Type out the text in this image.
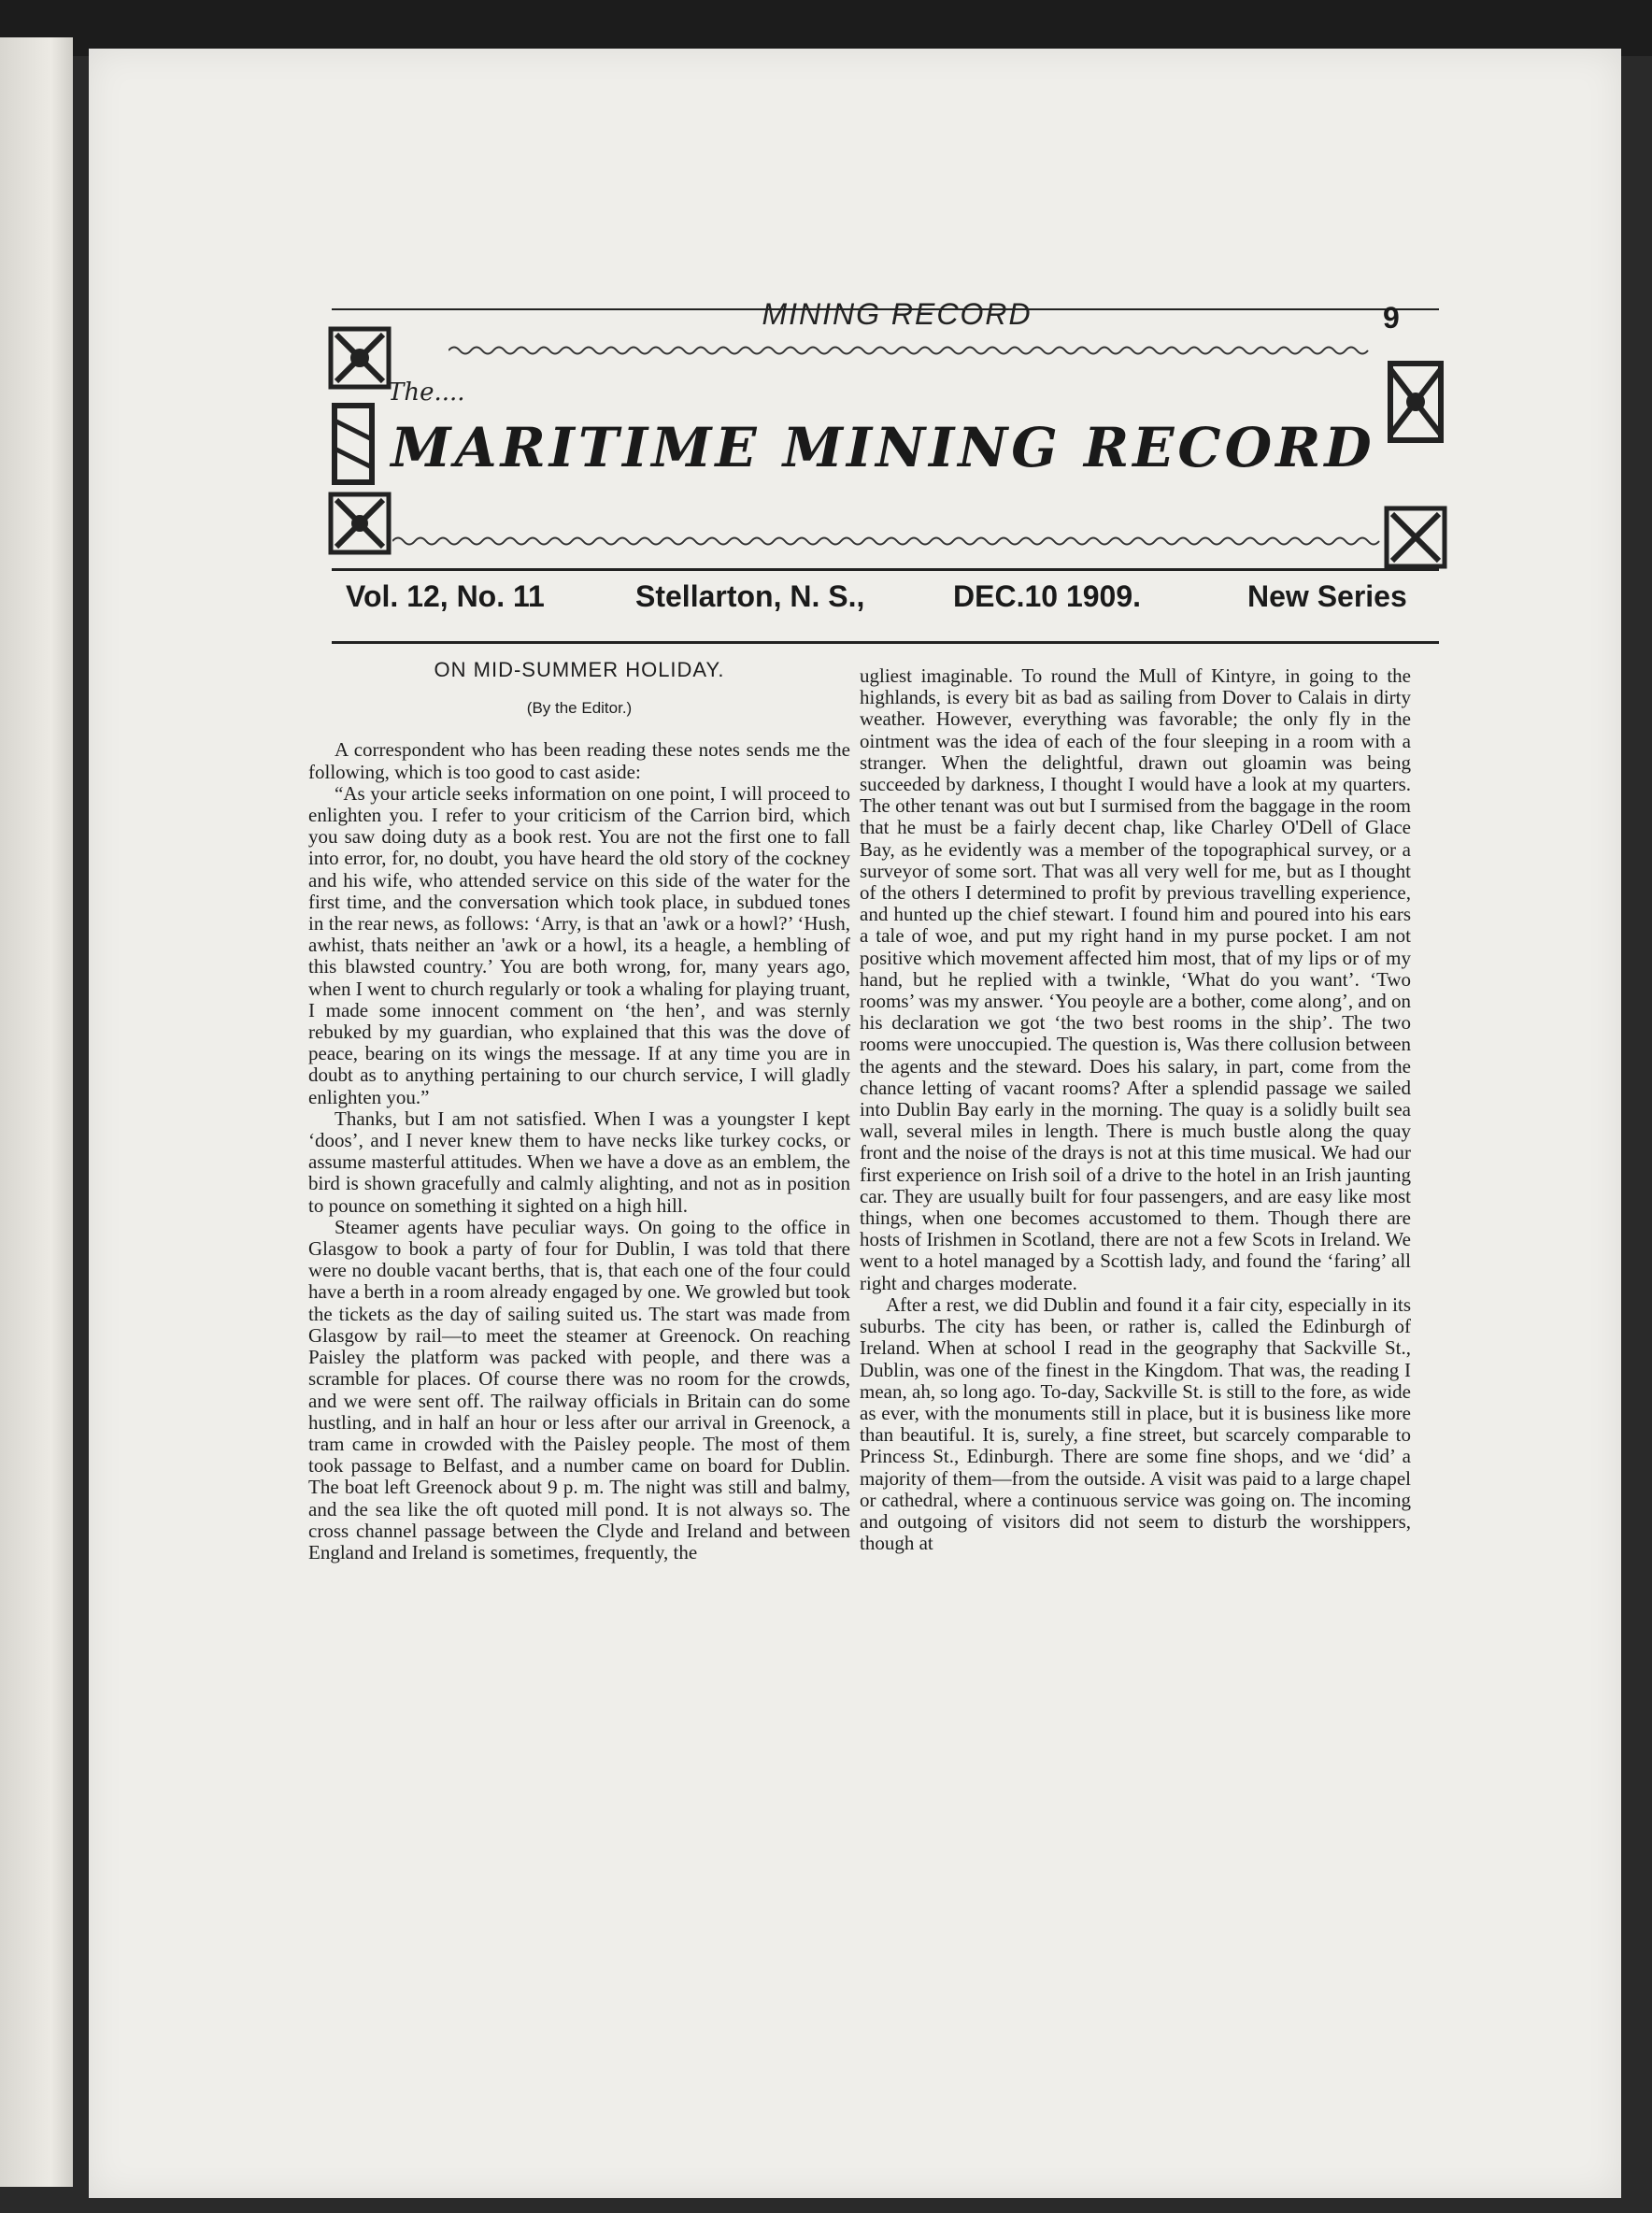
MINING RECORD	9
The....
MARITIME MINING RECORD
Vol. 12, No. 11	Stellarton, N. S.,	DEC.10 1909.	New Series
ON MID-SUMMER HOLIDAY.
(By the Editor.)

A correspondent who has been reading these notes sends me the following, which is too good to cast aside:

“As your article seeks information on one point, I will proceed to enlighten you. I refer to your criticism of the Carrion bird, which you saw doing duty as a book rest. You are not the first one to fall into error, for, no doubt, you have heard the old story of the cockney and his wife, who attended service on this side of the water for the first time, and the conversation which took place, in subdued tones in the rear news, as follows: ‘Arry, is that an 'awk or a howl?’ ‘Hush, awhist, thats neither an 'awk or a howl, its a heagle, a hembling of this blawsted country.’ You are both wrong, for, many years ago, when I went to church regularly or took a whaling for playing truant, I made some innocent comment on ‘the hen’, and was sternly rebuked by my guardian, who explained that this was the dove of peace, bearing on its wings the message. If at any time you are in doubt as to anything pertaining to our church service, I will gladly enlighten you.”

Thanks, but I am not satisfied. When I was a youngster I kept ‘doos’, and I never knew them to have necks like turkey cocks, or assume masterful attitudes. When we have a dove as an emblem, the bird is shown gracefully and calmly alighting, and not as in position to pounce on something it sighted on a high hill.

Steamer agents have peculiar ways. On going to the office in Glasgow to book a party of four for Dublin, I was told that there were no double vacant berths, that is, that each one of the four could have a berth in a room already engaged by one. We growled but took the tickets as the day of sailing suited us. The start was made from Glasgow by rail—to meet the steamer at Greenock. On reaching Paisley the platform was packed with people, and there was a scramble for places. Of course there was no room for the crowds, and we were sent off. The railway officials in Britain can do some hustling, and in half an hour or less after our arrival in Greenock, a tram came in crowded with the Paisley people. The most of them took passage to Belfast, and a number came on board for Dublin. The boat left Greenock about 9 p. m. The night was still and balmy, and the sea like the oft quoted mill pond. It is not always so. The cross channel passage between the Clyde and Ireland and between England and Ireland is sometimes, frequently, the

ugliest imaginable. To round the Mull of Kintyre, in going to the highlands, is every bit as bad as sailing from Dover to Calais in dirty weather. However, everything was favorable; the only fly in the ointment was the idea of each of the four sleeping in a room with a stranger. When the delightful, drawn out gloamin was being succeeded by darkness, I thought I would have a look at my quarters. The other tenant was out but I surmised from the baggage in the room that he must be a fairly decent chap, like Charley O'Dell of Glace Bay, as he evidently was a member of the topographical survey, or a surveyor of some sort. That was all very well for me, but as I thought of the others I determined to profit by previous travelling experience, and hunted up the chief stewart. I found him and poured into his ears a tale of woe, and put my right hand in my purse pocket. I am not positive which movement affected him most, that of my lips or of my hand, but he replied with a twinkle, ‘What do you want’. ‘Two rooms’ was my answer. ‘You peoyle are a bother, come along’, and on his declaration we got ‘the two best rooms in the ship’. The two rooms were unoccupied. The question is, Was there collusion between the agents and the steward. Does his salary, in part, come from the chance letting of vacant rooms? After a splendid passage we sailed into Dublin Bay early in the morning. The quay is a solidly built sea wall, several miles in length. There is much bustle along the quay front and the noise of the drays is not at this time musical. We had our first experience on Irish soil of a drive to the hotel in an Irish jaunting car. They are usually built for four passengers, and are easy like most things, when one becomes accustomed to them. Though there are hosts of Irishmen in Scotland, there are not a few Scots in Ireland. We went to a hotel managed by a Scottish lady, and found the ‘faring’ all right and charges moderate.

After a rest, we did Dublin and found it a fair city, especially in its suburbs. The city has been, or rather is, called the Edinburgh of Ireland. When at school I read in the geography that Sackville St., Dublin, was one of the finest in the Kingdom. That was, the reading I mean, ah, so long ago. To-day, Sackville St. is still to the fore, as wide as ever, with the monuments still in place, but it is business like more than beautiful. It is, surely, a fine street, but scarcely comparable to Princess St., Edinburgh. There are some fine shops, and we ‘did’ a majority of them—from the outside. A visit was paid to a large chapel or cathedral, where a continuous service was going on. The incoming and outgoing of visitors did not seem to disturb the worshippers, though at
